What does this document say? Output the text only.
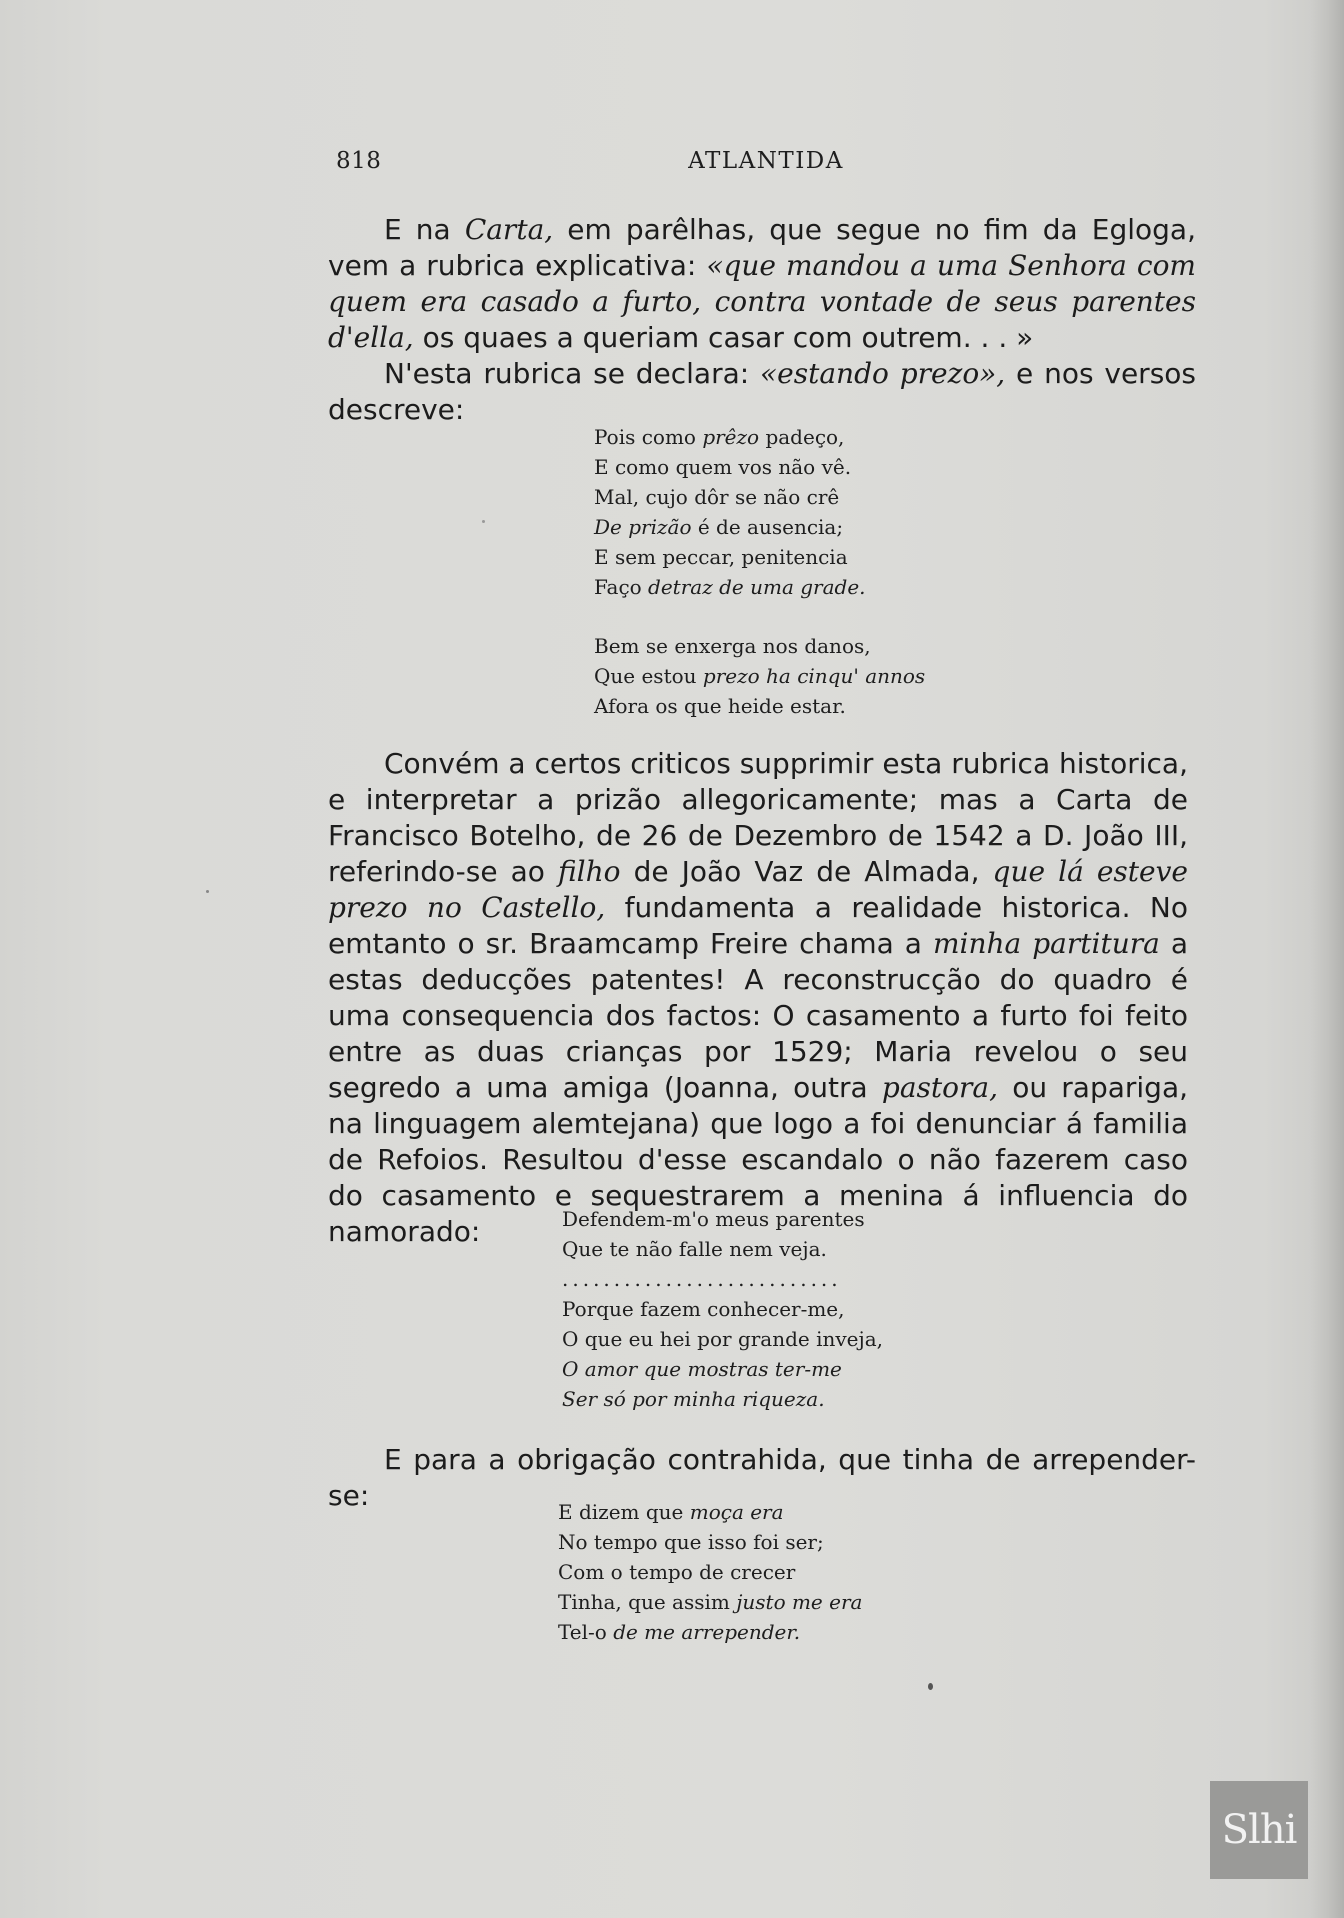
ATLANTIDA
818

E na Carta, em parêlhas, que segue no fim da Egloga, vem a rubrica explicativa: «que mandou a uma Senhora com quem era casado a furto, contra vontade de seus parentes d'ella, os quaes a queriam casar com outrem. . . »

N'esta rubrica se declara: «estando prezo», e nos versos descreve:

Pois como prêzo padeço,
E como quem vos não vê.
Mal, cujo dôr se não crê
De prizão é de ausencia;
E sem peccar, penitencia
Faço detraz de uma grade.
Bem se enxerga nos danos,
Que estou prezo ha cinqu' annos
Afora os que heide estar.

Convém a certos criticos supprimir esta rubrica historica, e interpretar a prizão allegoricamente; mas a Carta de Francisco Botelho, de 26 de Dezembro de 1542 a D. João III, referindo-se ao filho de João Vaz de Almada, que lá esteve prezo no Castello, fundamenta a realidade historica. No emtanto o sr. Braamcamp Freire chama a minha partitura a estas deducções patentes! A reconstrucção do quadro é uma consequencia dos factos: O casamento a furto foi feito entre as duas crianças por 1529; Maria revelou o seu segredo a uma amiga (Joanna, outra pastora, ou rapariga, na linguagem alemtejana) que logo a foi denunciar á familia de Refoios. Resultou d'esse escandalo o não fazerem caso do casamento e sequestrarem a menina á influencia do namorado:	Defendem-m'o meus parentes
Que te não falle nem veja.
...........................
Porque fazem conhecer-me,
O que eu hei por grande inveja,
O amor que mostras ter-me
Ser só por minha riqueza.

E para a obrigação contrahida, que tinha de arrepender-se:	E dizem que moça era
No tempo que isso foi ser;
Com o tempo de crecer
Tinha, que assim justo me era
Tel-o de me arrepender.
Slhi
